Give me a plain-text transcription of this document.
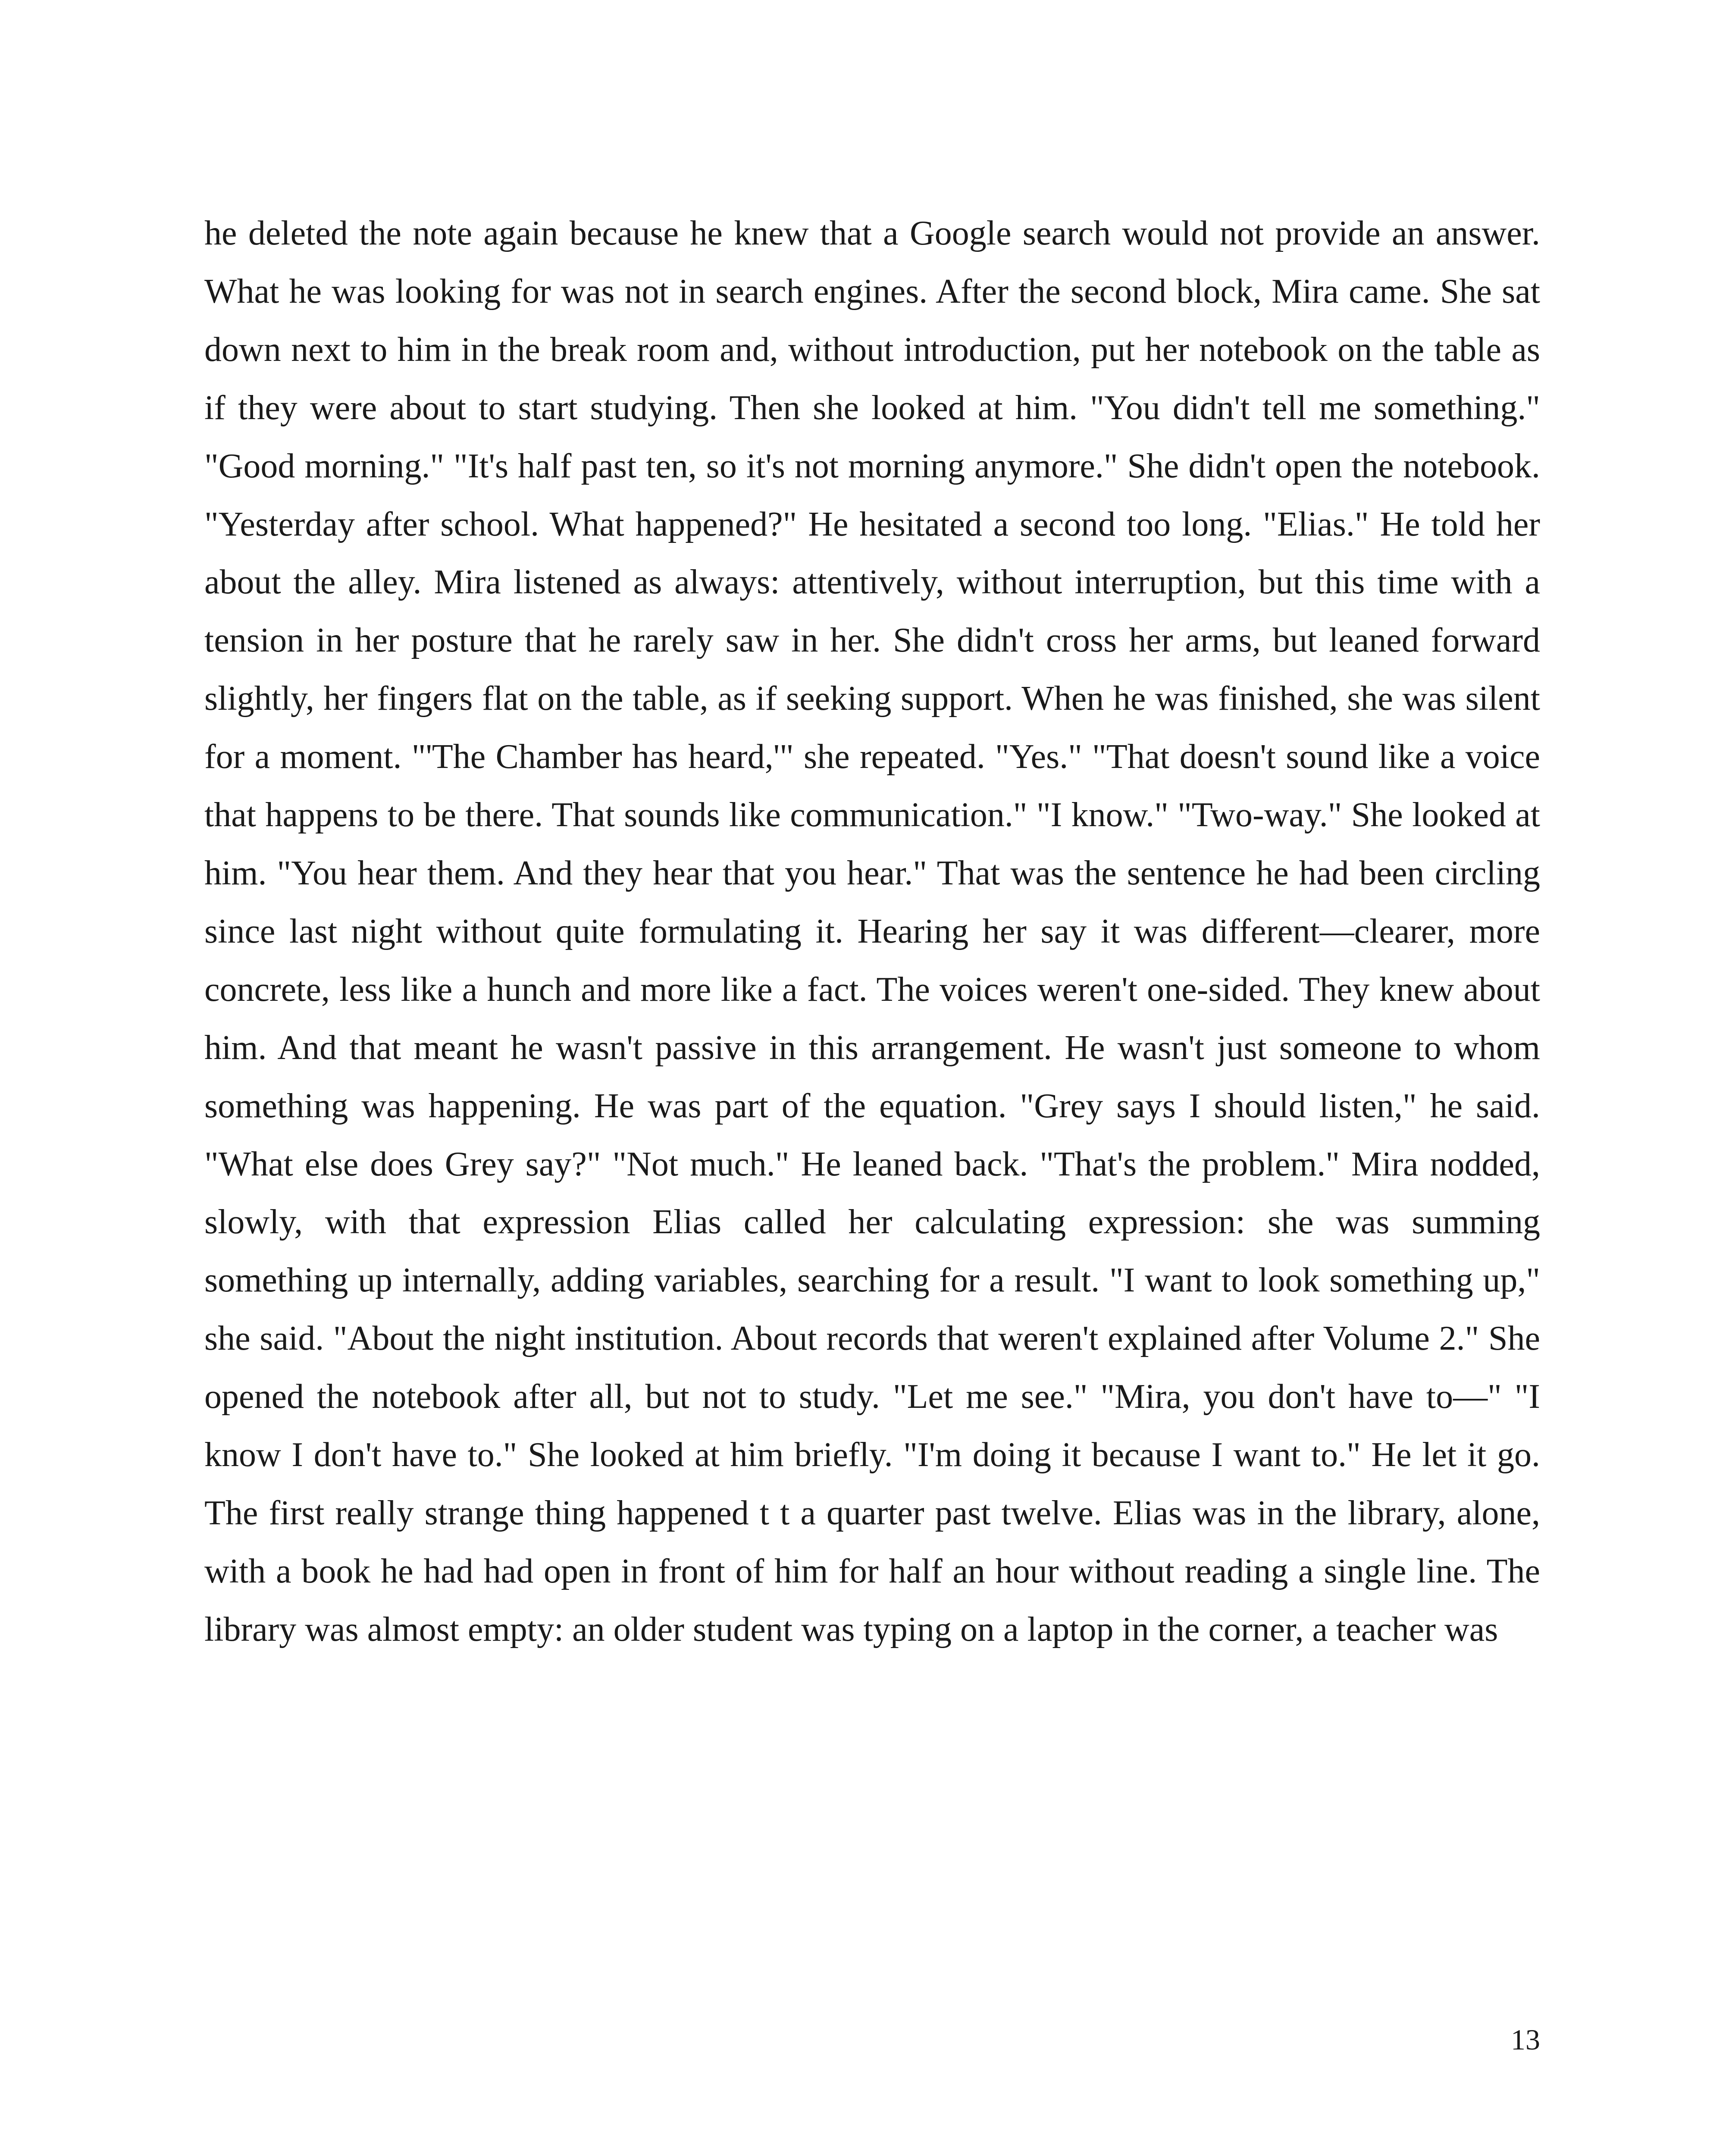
he deleted the note again because he knew that a Google search would not provide an answer. What he was looking for was not in search engines. After the second block, Mira came. She sat down next to him in the break room and, without introduction, put her notebook on the table as if they were about to start studying. Then she looked at him. "You didn't tell me something." "Good morning." "It's half past ten, so it's not morning anymore." She didn't open the notebook. "Yesterday after school. What happened?" He hesitated a second too long. "Elias." He told her about the alley. Mira listened as always: attentively, without interruption, but this time with a tension in her posture that he rarely saw in her. She didn't cross her arms, but leaned forward slightly, her fingers flat on the table, as if seeking support. When he was finished, she was silent for a moment. "'The Chamber has heard,'" she repeated. "Yes." "That doesn't sound like a voice that happens to be there. That sounds like communication." "I know." "Two-way." She looked at him. "You hear them. And they hear that you hear." That was the sentence he had been circling since last night without quite formulating it. Hearing her say it was different—clearer, more concrete, less like a hunch and more like a fact. The voices weren't one-sided. They knew about him. And that meant he wasn't passive in this arrangement. He wasn't just someone to whom something was happening. He was part of the equation. "Grey says I should listen," he said. "What else does Grey say?" "Not much." He leaned back. "That's the problem." Mira nodded, slowly, with that expression Elias called her calculating expression: she was summing something up internally, adding variables, searching for a result. "I want to look something up," she said. "About the night institution. About records that weren't explained after Volume 2." She opened the notebook after all, but not to study. "Let me see." "Mira, you don't have to—" "I know I don't have to." She looked at him briefly. "I'm doing it because I want to." He let it go. The first really strange thing happened t t a quarter past twelve. Elias was in the library, alone, with a book he had had open in front of him for half an hour without reading a single line. The library was almost empty: an older student was typing on a laptop in the corner, a teacher was

13
